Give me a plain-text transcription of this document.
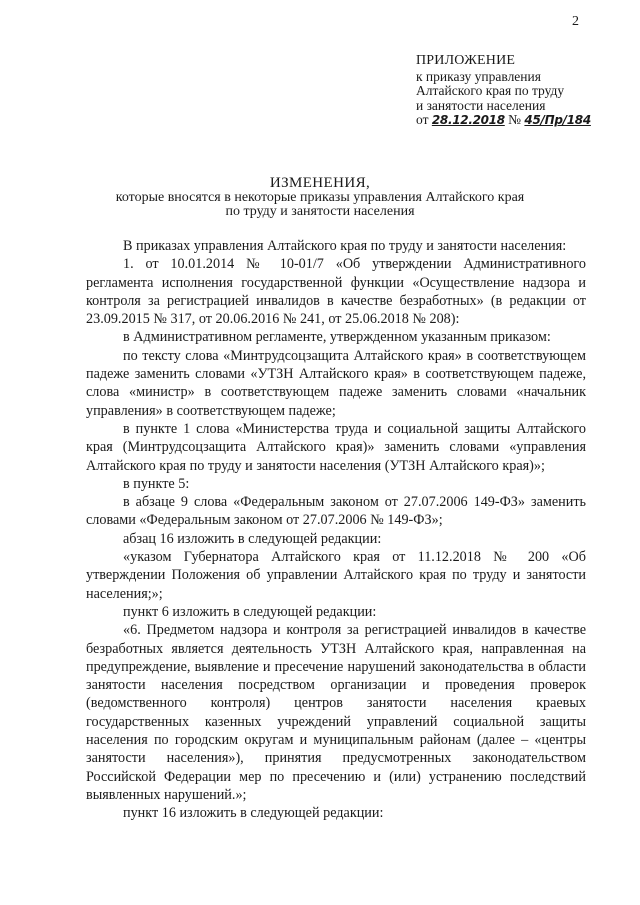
2
ПРИЛОЖЕНИЕ
к приказу управления
Алтайского края по труду
и занятости населения
от 28.12.2018 № 45/Пр/184
ИЗМЕНЕНИЯ,
которые вносятся в некоторые приказы управления Алтайского края
по труду и занятости населения

В приказах управления Алтайского края по труду и занятости населения:

1. от 10.01.2014 № 10-01/7 «Об утверждении Административного регламента исполнения государственной функции «Осуществление надзора и контроля за регистрацией инвалидов в качестве безработных» (в редакции от 23.09.2015 № 317, от 20.06.2016 № 241, от 25.06.2018 № 208):

в Административном регламенте, утвержденном указанным приказом:

по тексту слова «Минтрудсоцзащита Алтайского края» в соответствующем падеже заменить словами «УТЗН Алтайского края» в соответствующем падеже, слова «министр» в соответствующем падеже заменить словами «начальник управления» в соответствующем падеже;

в пункте 1 слова «Министерства труда и социальной защиты Алтайского края (Минтрудсоцзащита Алтайского края)» заменить словами «управления Алтайского края по труду и занятости населения (УТЗН Алтайского края)»;

в пункте 5:

в абзаце 9 слова «Федеральным законом от 27.07.2006 149-ФЗ» заменить словами «Федеральным законом от 27.07.2006 № 149-ФЗ»;

абзац 16 изложить в следующей редакции:

«указом Губернатора Алтайского края от 11.12.2018 № 200 «Об утверждении Положения об управлении Алтайского края по труду и занятости населения;»;

пункт 6 изложить в следующей редакции:

«6. Предметом надзора и контроля за регистрацией инвалидов в качестве безработных является деятельность УТЗН Алтайского края, направленная на предупреждение, выявление и пресечение нарушений законодательства в области занятости населения посредством организации и проведения проверок (ведомственного контроля) центров занятости населения краевых государственных казенных учреждений управлений социальной защиты населения по городским округам и муниципальным районам (далее – «центры занятости населения»), принятия предусмотренных законодательством Российской Федерации мер по пресечению и (или) устранению последствий выявленных нарушений.»;

пункт 16 изложить в следующей редакции:
